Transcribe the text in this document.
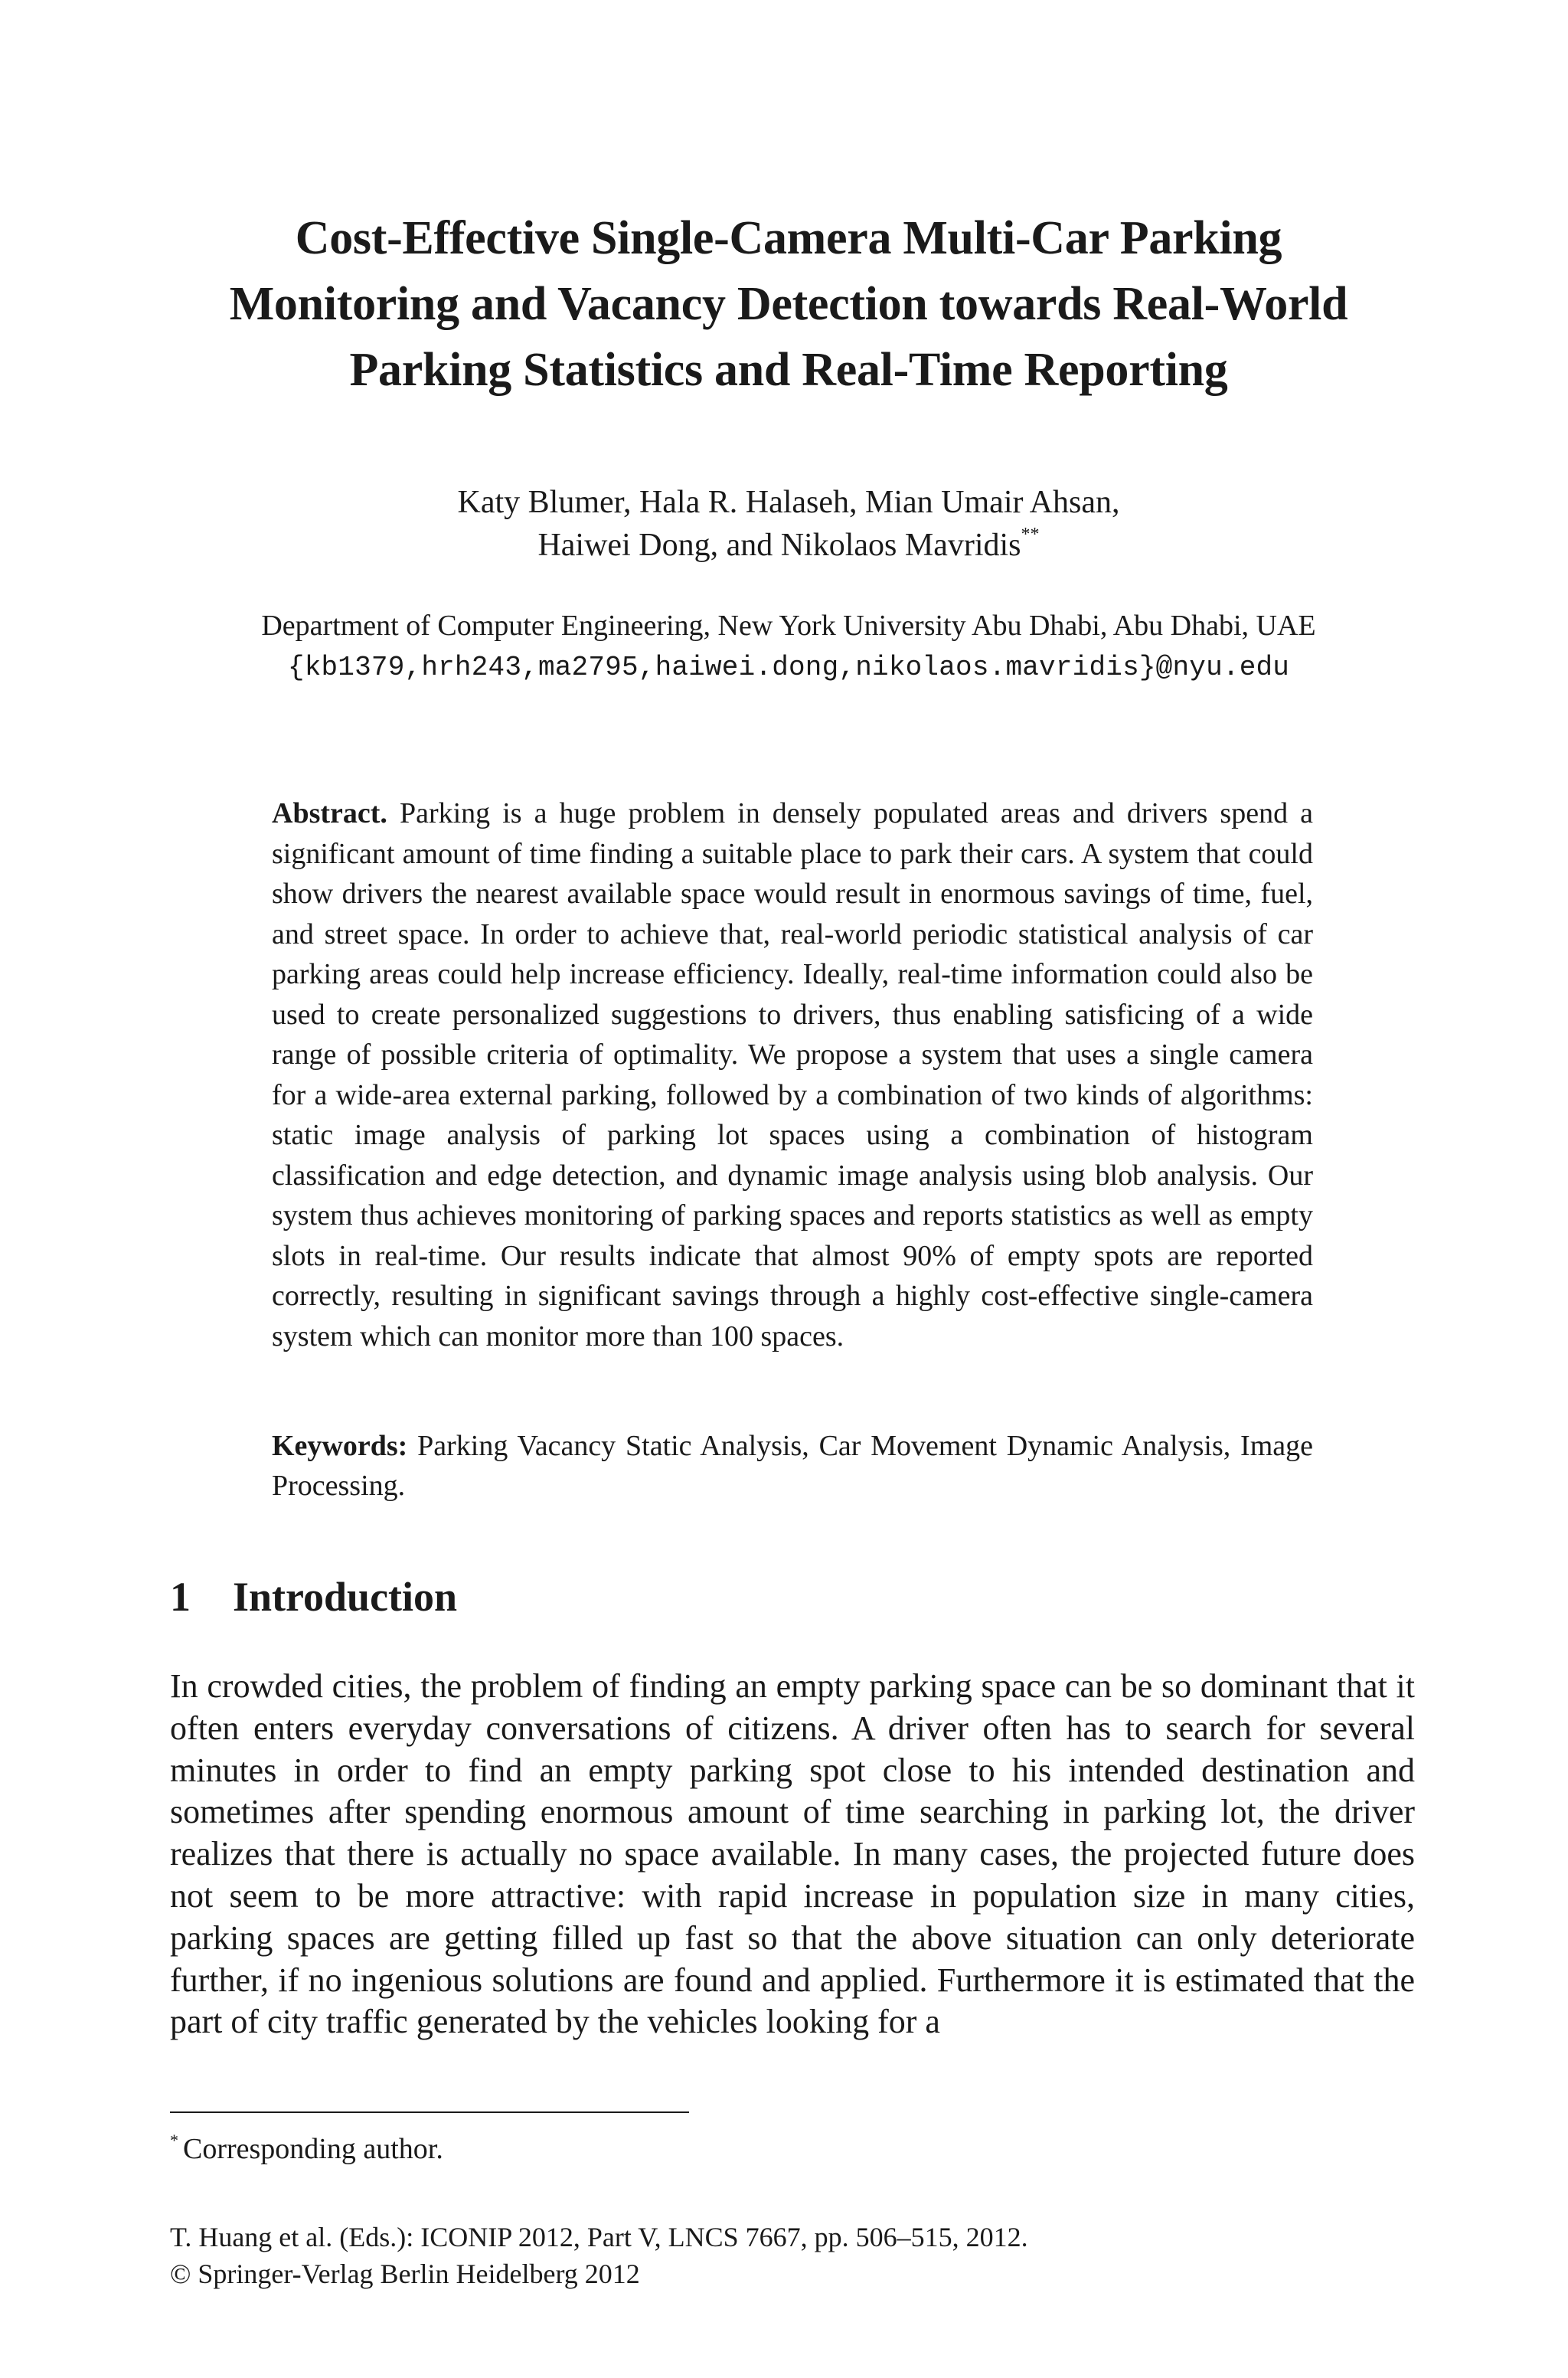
Cost-Effective Single-Camera Multi-Car Parking
Monitoring and Vacancy Detection towards Real-World
Parking Statistics and Real-Time Reporting
Katy Blumer, Hala R. Halaseh, Mian Umair Ahsan,
Haiwei Dong, and Nikolaos Mavridis**
Department of Computer Engineering, New York University Abu Dhabi, Abu Dhabi, UAE
{kb1379,hrh243,ma2795,haiwei.dong,nikolaos.mavridis}@nyu.edu
Abstract. Parking is a huge problem in densely populated areas and drivers spend a significant amount of time finding a suitable place to park their cars. A system that could show drivers the nearest available space would result in enormous savings of time, fuel, and street space. In order to achieve that, real-world periodic statistical analysis of car parking areas could help increase efficiency. Ideally, real-time information could also be used to create personalized suggestions to drivers, thus enabling satisficing of a wide range of possible criteria of optimality. We propose a system that uses a single camera for a wide-area external parking, followed by a combination of two kinds of algorithms: static image analysis of parking lot spaces using a combination of histogram classification and edge detection, and dynamic image analysis using blob analysis. Our system thus achieves monitoring of parking spaces and reports statistics as well as empty slots in real-time. Our results indicate that almost 90% of empty spots are reported correctly, resulting in significant savings through a highly cost-effective single-camera system which can monitor more than 100 spaces.
Keywords: Parking Vacancy Static Analysis, Car Movement Dynamic Analysis, Image Processing.
1 Introduction
In crowded cities, the problem of finding an empty parking space can be so dominant that it often enters everyday conversations of citizens. A driver often has to search for several minutes in order to find an empty parking spot close to his intended destination and sometimes after spending enormous amount of time searching in parking lot, the driver realizes that there is actually no space available. In many cases, the projected future does not seem to be more attractive: with rapid increase in population size in many cities, parking spaces are getting filled up fast so that the above situation can only deteriorate further, if no ingenious solutions are found and applied. Furthermore it is estimated that the part of city traffic generated by the vehicles looking for a
* Corresponding author.
T. Huang et al. (Eds.): ICONIP 2012, Part V, LNCS 7667, pp. 506–515, 2012.
© Springer-Verlag Berlin Heidelberg 2012
